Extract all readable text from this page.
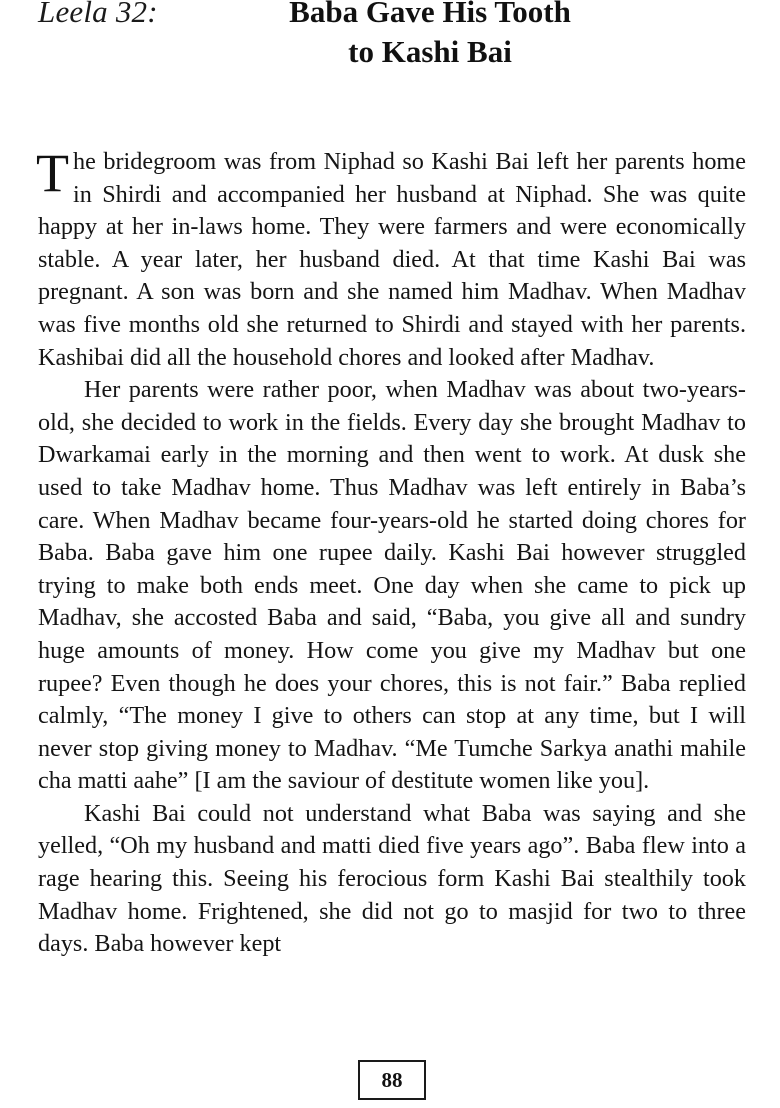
Leela 32:	Baba Gave His Tooth
to Kashi Bai

The bridegroom was from Niphad so Kashi Bai left her parents home in Shirdi and accompanied her husband at Niphad. She was quite happy at her in-laws home. They were farmers and were economically stable. A year later, her husband died. At that time Kashi Bai was pregnant. A son was born and she named him Madhav. When Madhav was five months old she returned to Shirdi and stayed with her parents. Kashibai did all the household chores and looked after Madhav.

Her parents were rather poor, when Madhav was about two-years-old, she decided to work in the fields. Every day she brought Madhav to Dwarkamai early in the morning and then went to work. At dusk she used to take Madhav home. Thus Madhav was left entirely in Baba’s care. When Madhav became four-years-old he started doing chores for Baba. Baba gave him one rupee daily. Kashi Bai however struggled trying to make both ends meet. One day when she came to pick up Madhav, she accosted Baba and said, “Baba, you give all and sundry huge amounts of money. How come you give my Madhav but one rupee? Even though he does your chores, this is not fair.” Baba replied calmly, “The money I give to others can stop at any time, but I will never stop giving money to Madhav. “Me Tumche Sarkya anathi mahile cha matti aahe” [I am the saviour of destitute women like you].

Kashi Bai could not understand what Baba was saying and she yelled, “Oh my husband and matti died five years ago”. Baba flew into a rage hearing this. Seeing his ferocious form Kashi Bai stealthily took Madhav home. Frightened, she did not go to masjid for two to three days. Baba however kept

88
